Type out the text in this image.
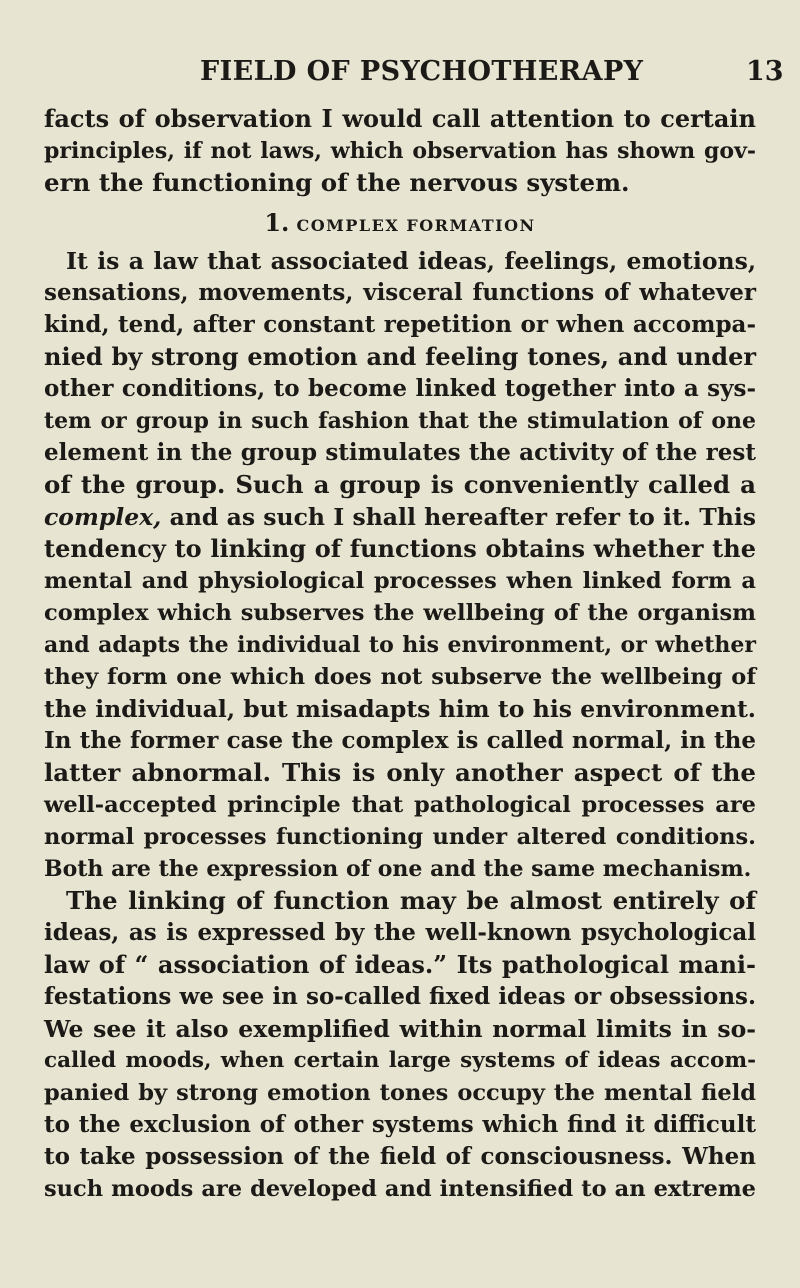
FIELD OF PSYCHOTHERAPY	13
facts of observation I would call attention to certain
principles, if not laws, which observation has shown gov-
ern the functioning of the nervous system.
1. COMPLEX FORMATION
It is a law that associated ideas, feelings, emotions,
sensations, movements, visceral functions of whatever
kind, tend, after constant repetition or when accompa-
nied by strong emotion and feeling tones, and under
other conditions, to become linked together into a sys-
tem or group in such fashion that the stimulation of one
element in the group stimulates the activity of the rest
of the group. Such a group is conveniently called a
complex, and as such I shall hereafter refer to it. This
tendency to linking of functions obtains whether the
mental and physiological processes when linked form a
complex which subserves the wellbeing of the organism
and adapts the individual to his environment, or whether
they form one which does not subserve the wellbeing of
the individual, but misadapts him to his environment.
In the former case the complex is called normal, in the
latter abnormal. This is only another aspect of the
well-accepted principle that pathological processes are
normal processes functioning under altered conditions.
Both are the expression of one and the same mechanism.
The linking of function may be almost entirely of
ideas, as is expressed by the well-known psychological
law of “ association of ideas.” Its pathological mani-
festations we see in so-called fixed ideas or obsessions.
We see it also exemplified within normal limits in so-
called moods, when certain large systems of ideas accom-
panied by strong emotion tones occupy the mental field
to the exclusion of other systems which find it difficult
to take possession of the field of consciousness. When
such moods are developed and intensified to an extreme
